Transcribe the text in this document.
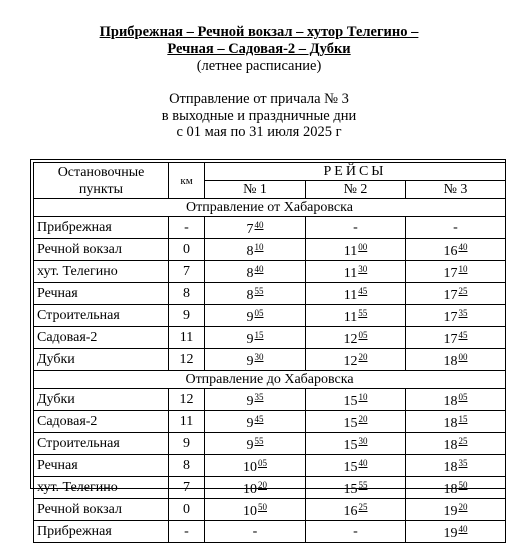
Прибрежная – Речной вокзал – хутор Телегино –
Речная – Садовая-2 – Дубки
(летнее расписание)
Отправление от причала № 3
в выходные и праздничные дни
с 01 мая по 31 июля 2025 г
Остановочные пункты	км	РЕЙСЫ		
		№ 1	№ 2	№ 3
Отправление от Хабаровска				
Прибрежная	-	$7^{40}$	-	-
Речной вокзал	0	$8^{10}$	$11^{00}$	$16^{40}$
хут. Телегино	7	$8^{40}$	$11^{30}$	$17^{10}$
Речная	8	$8^{55}$	$11^{45}$	$17^{25}$
Строительная	9	$9^{05}$	$11^{55}$	$17^{35}$
Садовая-2	11	$9^{15}$	$12^{05}$	$17^{45}$
Дубки	12	$9^{30}$	$12^{20}$	$18^{00}$
Отправление до Хабаровска				
Дубки	12	$9^{35}$	$15^{10}$	$18^{05}$
Садовая-2	11	$9^{45}$	$15^{20}$	$18^{15}$
Строительная	9	$9^{55}$	$15^{30}$	$18^{25}$
Речная	8	$10^{05}$	$15^{40}$	$18^{35}$
хут. Телегино	7	$10^{20}$	$15^{55}$	$18^{50}$
Речной вокзал	0	$10^{50}$	$16^{25}$	$19^{20}$
Прибрежная	-	-	-	$19^{40}$
